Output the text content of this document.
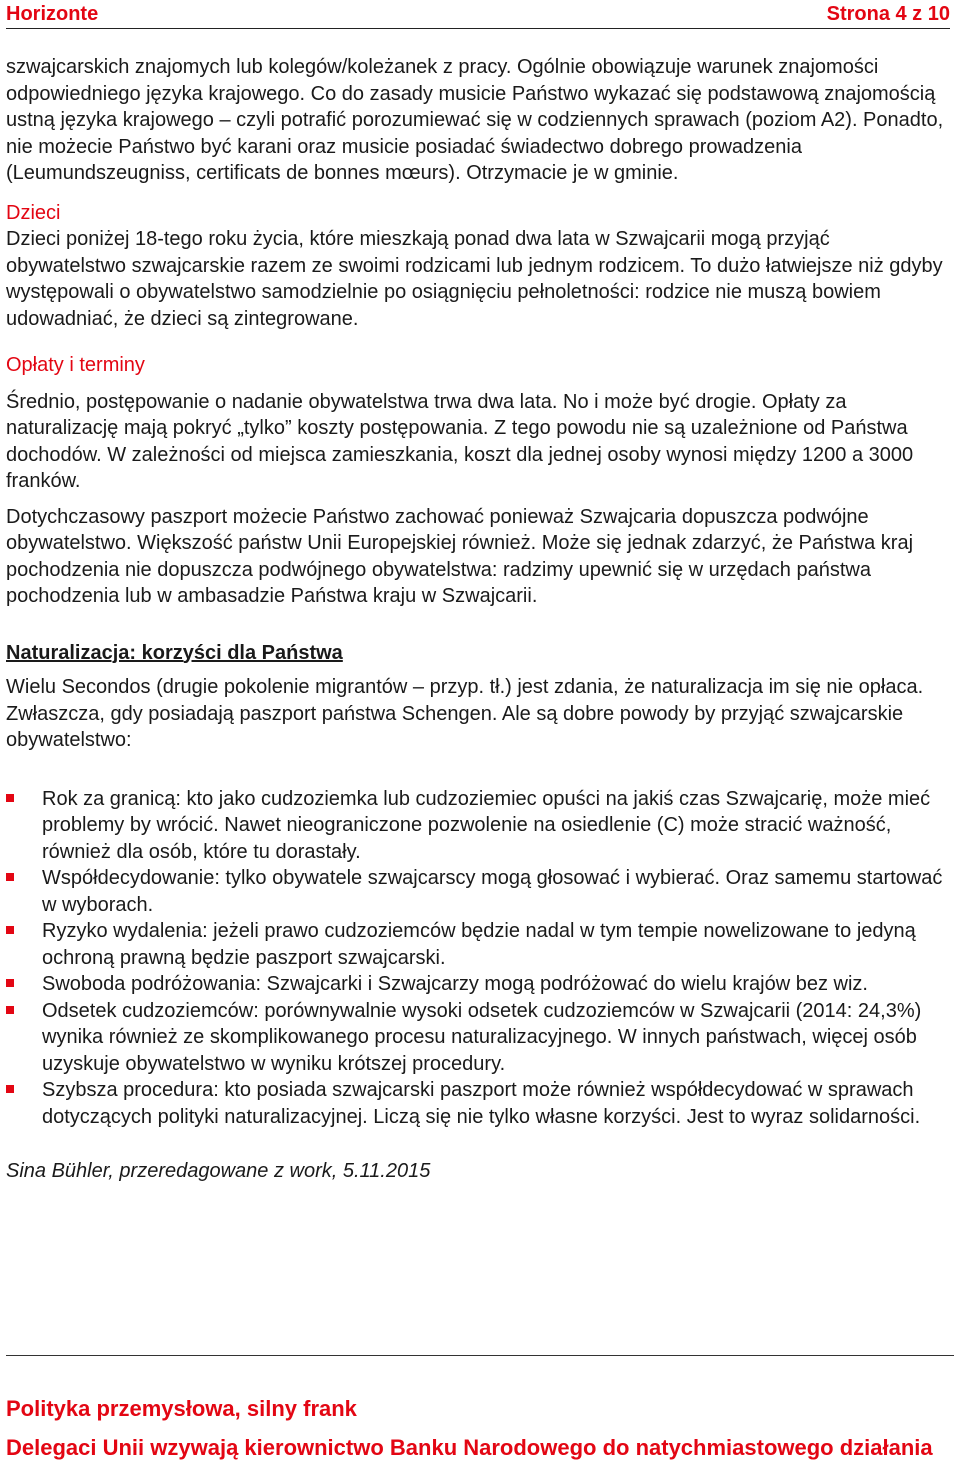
Horizonte	Strona 4 z 10

szwajcarskich znajomych lub kolegów/koleżanek z pracy. Ogólnie obowiązuje warunek znajomości odpowiedniego języka krajowego. Co do zasady musicie Państwo wykazać się podstawową znajomością ustną języka krajowego – czyli potrafić porozumiewać się w codziennych sprawach (poziom A2). Ponadto, nie możecie Państwo być karani oraz musicie posiadać świadectwo dobrego prowadzenia (Leumundszeugniss, certificats de bonnes mœurs). Otrzymacie je w gminie.

Dzieci

Dzieci poniżej 18-tego roku życia, które mieszkają ponad dwa lata w Szwajcarii mogą przyjąć obywatelstwo szwajcarskie razem ze swoimi rodzicami lub jednym rodzicem. To dużo łatwiejsze niż gdyby występowali o obywatelstwo samodzielnie po osiągnięciu pełnoletności: rodzice nie muszą bowiem udowadniać, że dzieci są zintegrowane.

Opłaty i terminy

Średnio, postępowanie o nadanie obywatelstwa trwa dwa lata. No i może być drogie. Opłaty za naturalizację mają pokryć „tylko” koszty postępowania. Z tego powodu nie są uzależnione od Państwa dochodów. W zależności od miejsca zamieszkania, koszt dla jednej osoby wynosi między 1200 a 3000 franków.

Dotychczasowy paszport możecie Państwo zachować ponieważ Szwajcaria dopuszcza podwójne obywatelstwo. Większość państw Unii Europejskiej również. Może się jednak zdarzyć, że Państwa kraj pochodzenia nie dopuszcza podwójnego obywatelstwa: radzimy upewnić się w urzędach państwa pochodzenia lub w ambasadzie Państwa kraju w Szwajcarii.

Naturalizacja: korzyści dla Państwa

Wielu Secondos (drugie pokolenie migrantów – przyp. tł.) jest zdania, że naturalizacja im się nie opłaca. Zwłaszcza, gdy posiadają paszport państwa Schengen. Ale są dobre powody by przyjąć szwajcarskie obywatelstwo:

Rok za granicą: kto jako cudzoziemka lub cudzoziemiec opuści na jakiś czas Szwajcarię, może mieć problemy by wrócić. Nawet nieograniczone pozwolenie na osiedlenie (C) może stracić ważność, również dla osób, które tu dorastały.
Współdecydowanie: tylko obywatele szwajcarscy mogą głosować i wybierać. Oraz samemu startować w wyborach.
Ryzyko wydalenia: jeżeli prawo cudzoziemców będzie nadal w tym tempie nowelizowane to jedyną ochroną prawną będzie paszport szwajcarski.
Swoboda podróżowania: Szwajcarki i Szwajcarzy mogą podróżować do wielu krajów bez wiz.
Odsetek cudzoziemców: porównywalnie wysoki odsetek cudzoziemców w Szwajcarii (2014: 24,3%) wynika również ze skomplikowanego procesu naturalizacyjnego. W innych państwach, więcej osób uzyskuje obywatelstwo w wyniku krótszej procedury.
Szybsza procedura: kto posiada szwajcarski paszport może również współdecydować w sprawach dotyczących polityki naturalizacyjnej. Liczą się nie tylko własne korzyści. Jest to wyraz solidarności.

Sina Bühler, przeredagowane z work, 5.11.2015

Polityka przemysłowa, silny frank

Delegaci Unii wzywają kierownictwo Banku Narodowego do natychmiastowego działania
